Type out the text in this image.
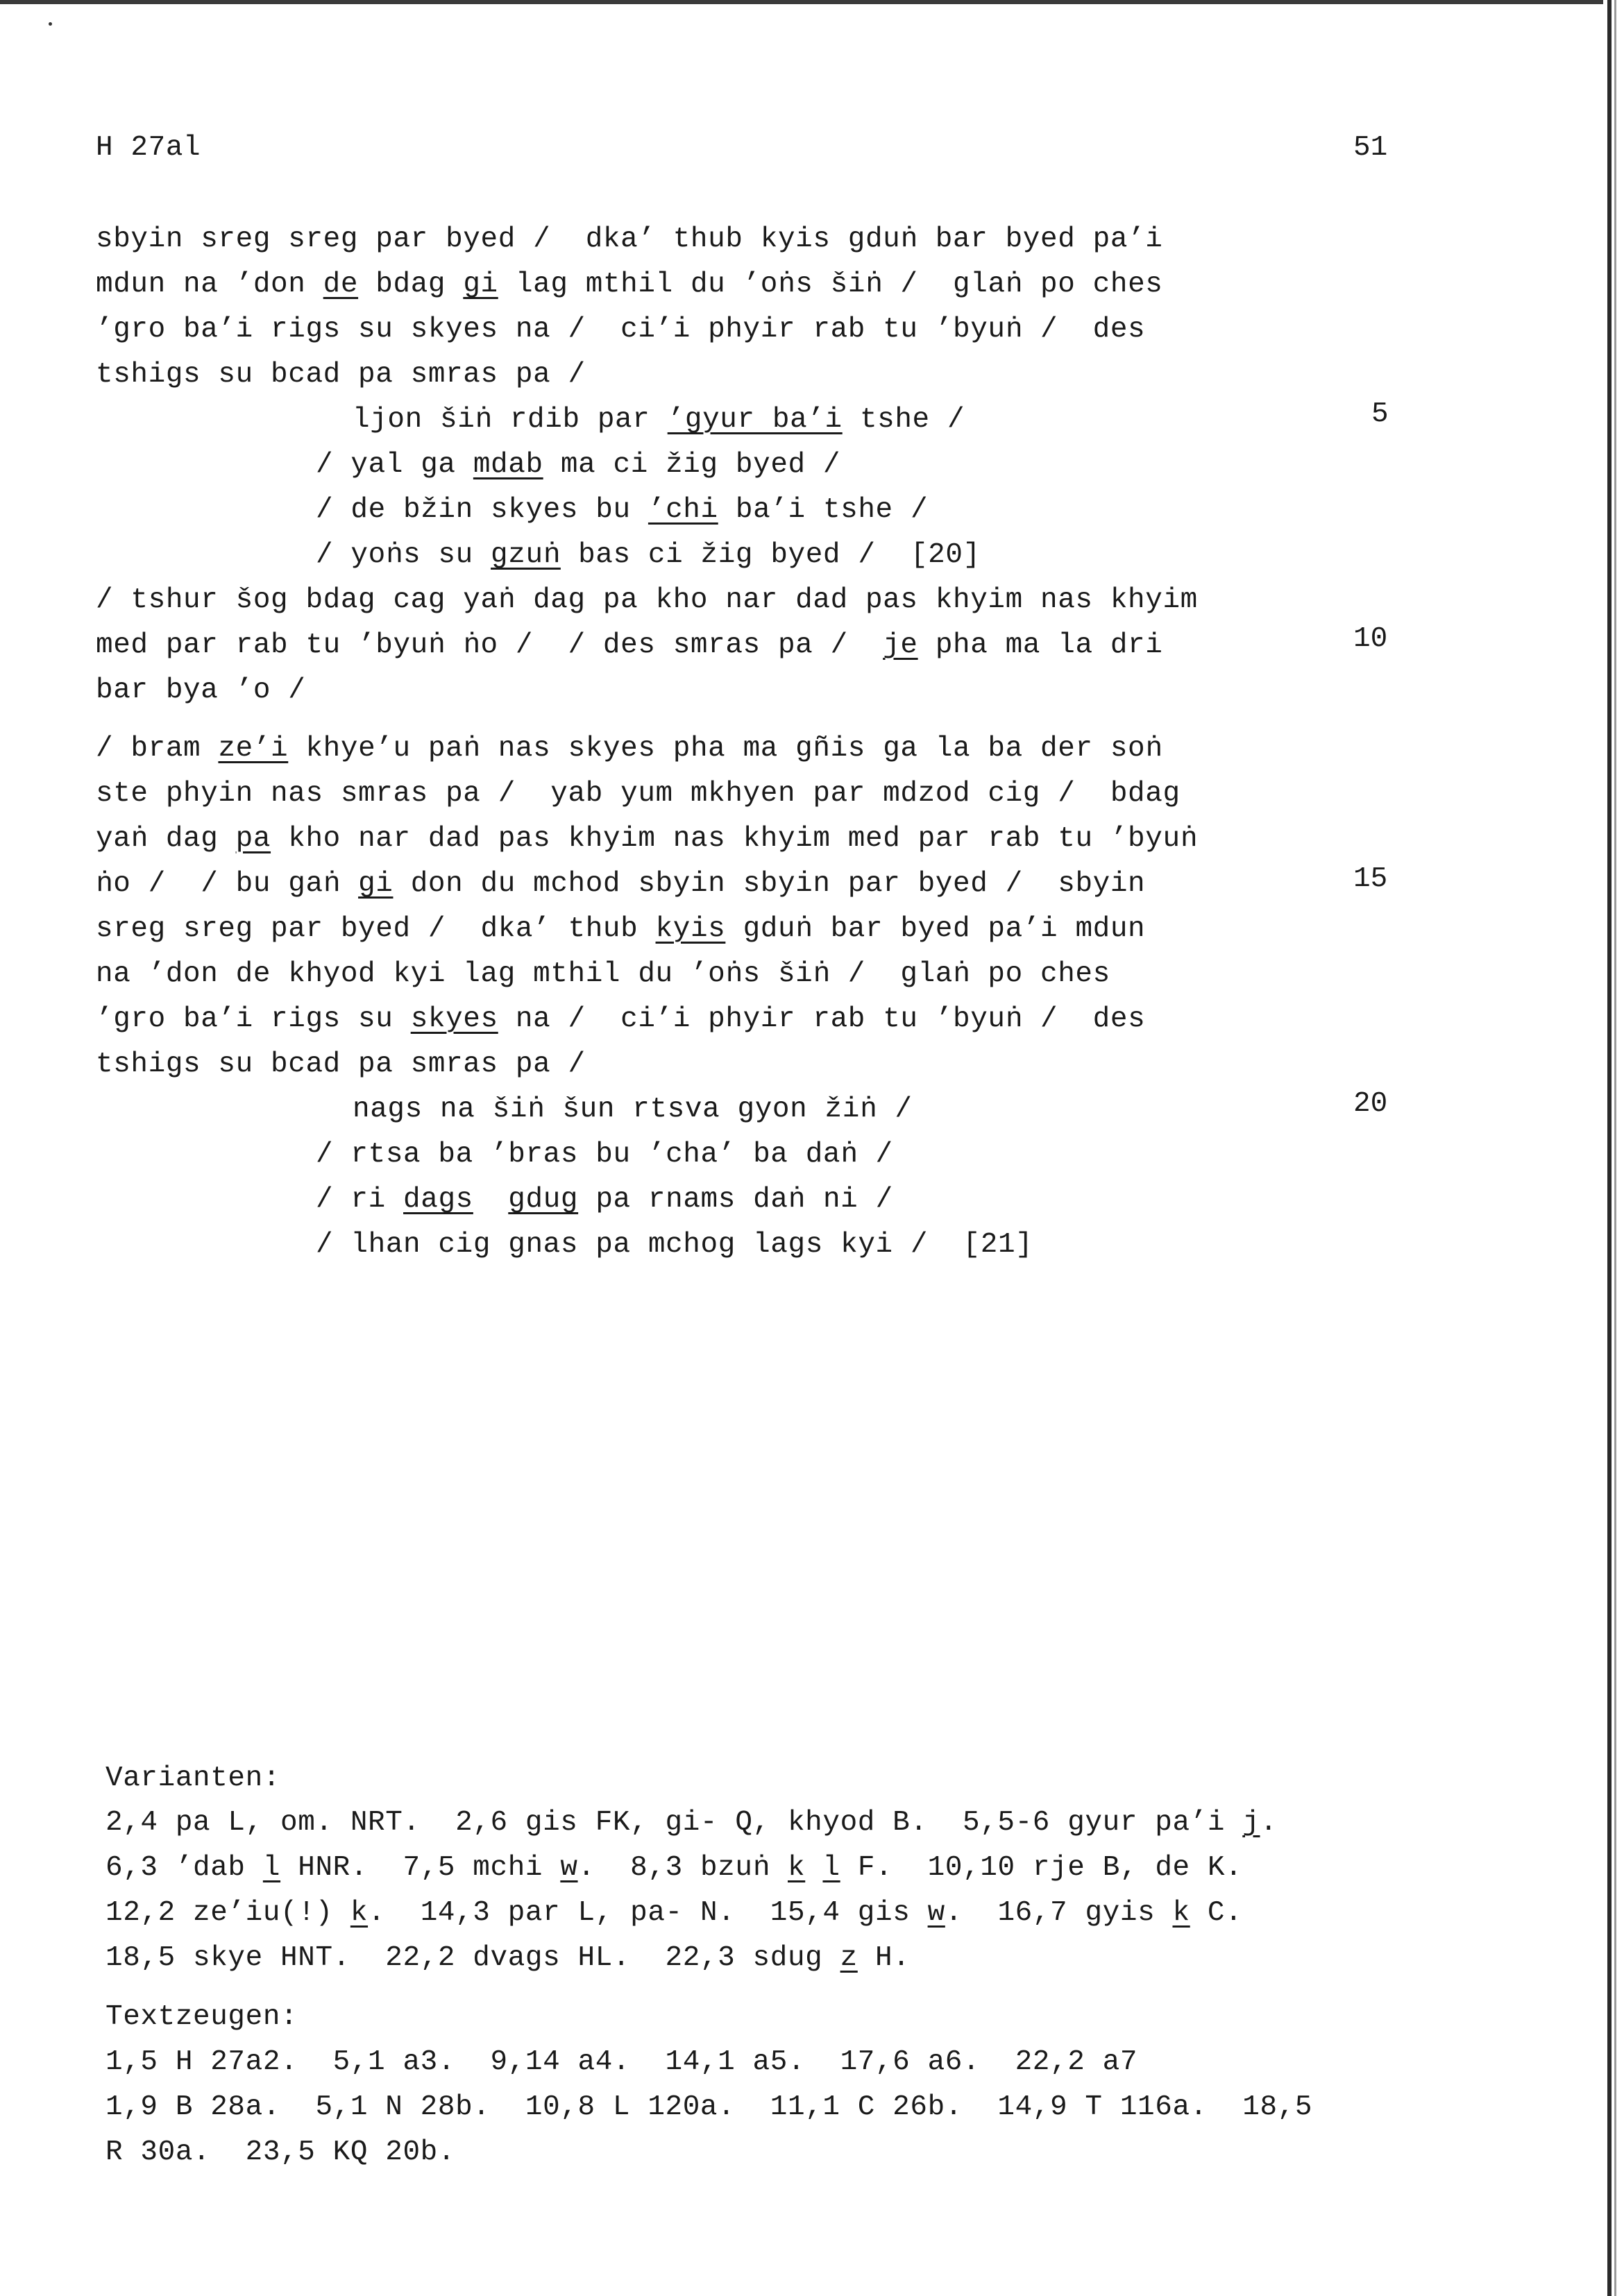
H 27al	51
sbyin sreg sreg par byed /  dka’ thub kyis gduṅ bar byed pa’i
mdun na ’don de bdag gi lag mthil du ’oṅs šiṅ /  glaṅ po ches
’gro ba’i rigs su skyes na /  ci’i phyir rab tu ’byuṅ /  des
tshigs su bcad pa smras pa /
ljon šiṅ rdib par ’gyur ba’i tshe /
/ yal ga mdab ma ci žig byed /
/ de bžin skyes bu ’chi ba’i tshe /
/ yoṅs su gzuṅ bas ci žig byed /  [20]
/ tshur šog bdag cag yaṅ dag pa kho nar dad pas khyim nas khyim
med par rab tu ’byuṅ ṅo /  / des smras pa /  je pha ma la dri
bar bya ’o /
/ bram ze’i khye’u paṅ nas skyes pha ma gñis ga la ba der soṅ
ste phyin nas smras pa /  yab yum mkhyen par mdzod cig /  bdag
yaṅ dag pa kho nar dad pas khyim nas khyim med par rab tu ’byuṅ
ṅo /  / bu gaṅ gi don du mchod sbyin sbyin par byed /  sbyin
sreg sreg par byed /  dka’ thub kyis gduṅ bar byed pa’i mdun
na ’don de khyod kyi lag mthil du ’oṅs šiṅ /  glaṅ po ches
’gro ba’i rigs su skyes na /  ci’i phyir rab tu ’byuṅ /  des
tshigs su bcad pa smras pa /
nags na šiṅ šun rtsva gyon žiṅ /
/ rtsa ba ’bras bu ’cha’ ba daṅ /
/ ri dags gdug pa rnams daṅ ni /
/ lhan cig gnas pa mchog lags kyi /  [21]
5
10
15
20
Varianten:
2,4 pa L, om. NRT.  2,6 gis FK, gi- Q, khyod B.  5,5-6 gyur pa’i j.
6,3 ’dab l HNR.  7,5 mchi w.  8,3 bzuṅ k l F.  10,10 rje B, de K.
12,2 ze’iu(!) k.  14,3 par L, pa- N.  15,4 gis w.  16,7 gyis k C.
18,5 skye HNT.  22,2 dvags HL.  22,3 sdug z H.
Textzeugen:
1,5 H 27a2.  5,1 a3.  9,14 a4.  14,1 a5.  17,6 a6.  22,2 a7
1,9 B 28a.  5,1 N 28b.  10,8 L 120a.  11,1 C 26b.  14,9 T 116a.  18,5
R 30a.  23,5 KQ 20b.
